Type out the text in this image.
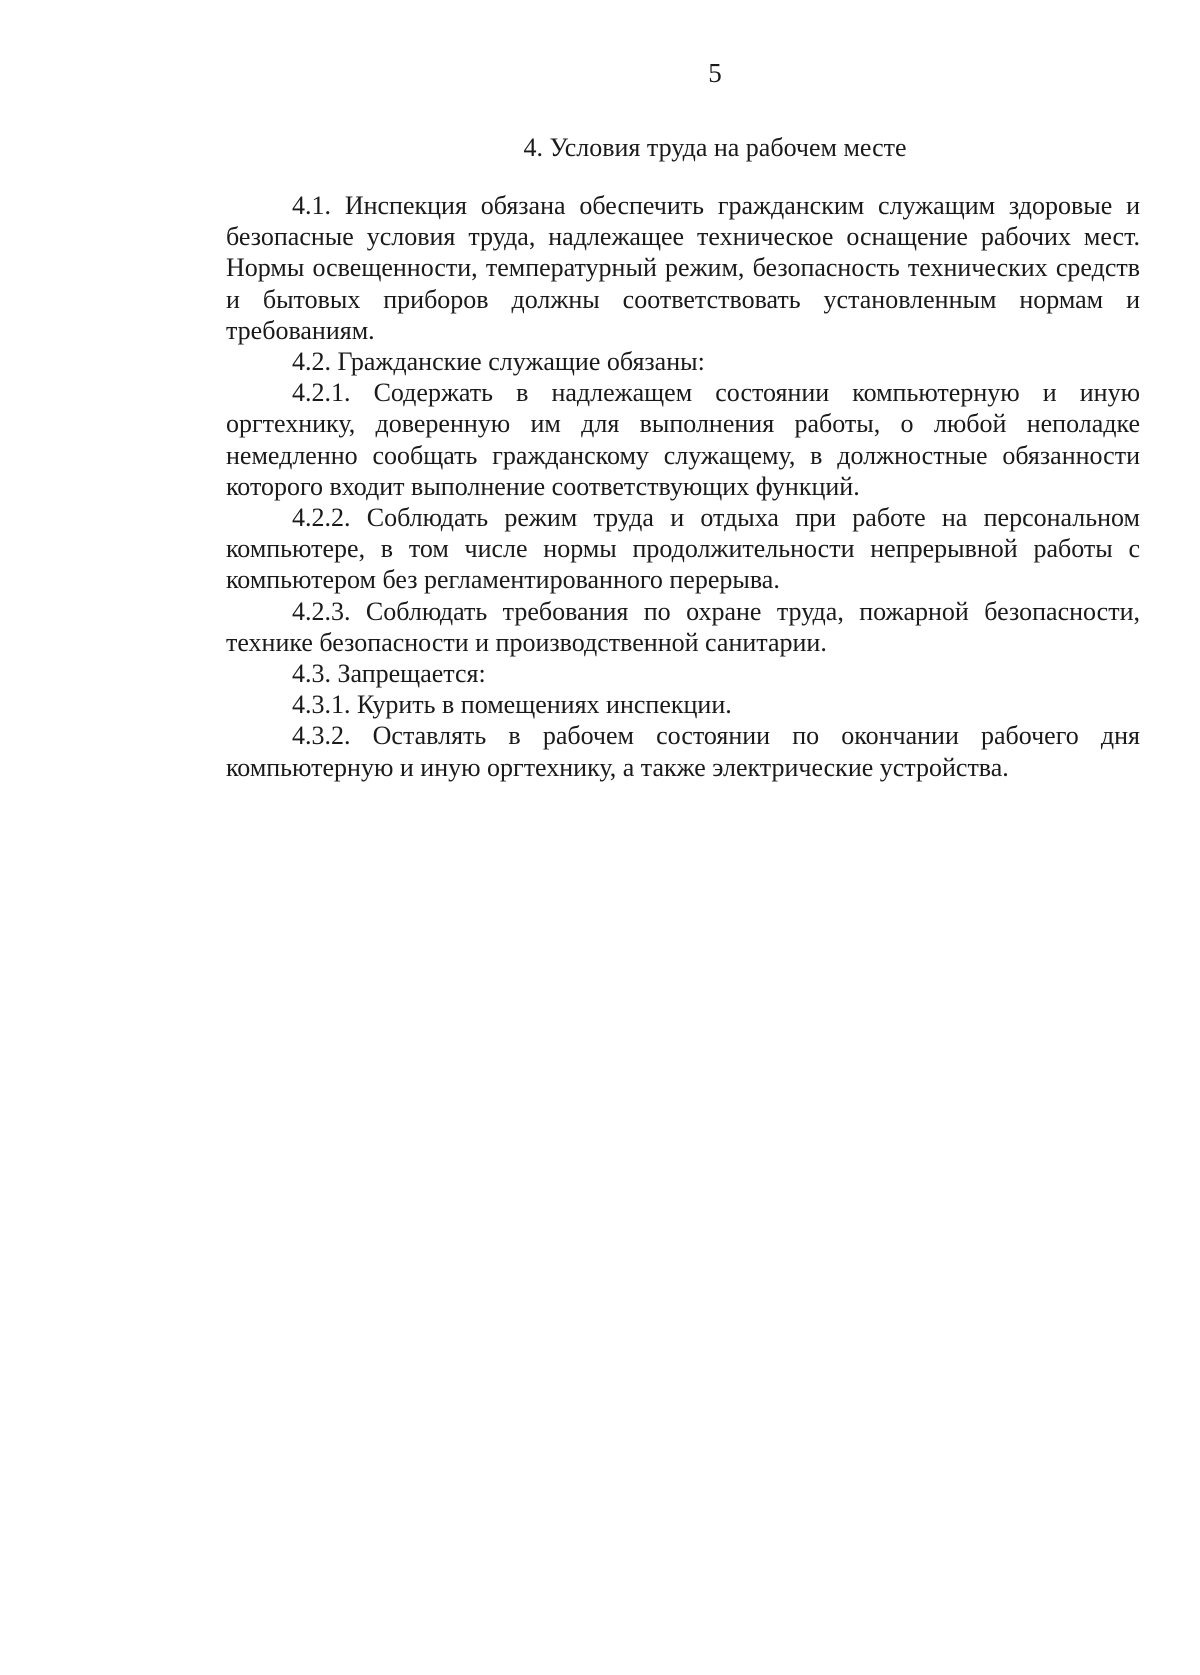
5
4. Условия труда на рабочем месте

4.1. Инспекция обязана обеспечить гражданским служащим здоровые и безопасные условия труда, надлежащее техническое оснащение рабочих мест. Нормы освещенности, температурный режим, безопасность технических средств и бытовых приборов должны соответствовать установленным нормам и требованиям.

4.2. Гражданские служащие обязаны:

4.2.1. Содержать в надлежащем состоянии компьютерную и иную оргтехнику, доверенную им для выполнения работы, о любой неполадке немедленно сообщать гражданскому служащему, в должностные обязанности которого входит выполнение соответствующих функций.

4.2.2. Соблюдать режим труда и отдыха при работе на персональном компьютере, в том числе нормы продолжительности непрерывной работы с компьютером без регламентированного перерыва.

4.2.3. Соблюдать требования по охране труда, пожарной безопасности, технике безопасности и производственной санитарии.

4.3. Запрещается:

4.3.1. Курить в помещениях инспекции.

4.3.2. Оставлять в рабочем состоянии по окончании рабочего дня компьютерную и иную оргтехнику, а также электрические устройства.
